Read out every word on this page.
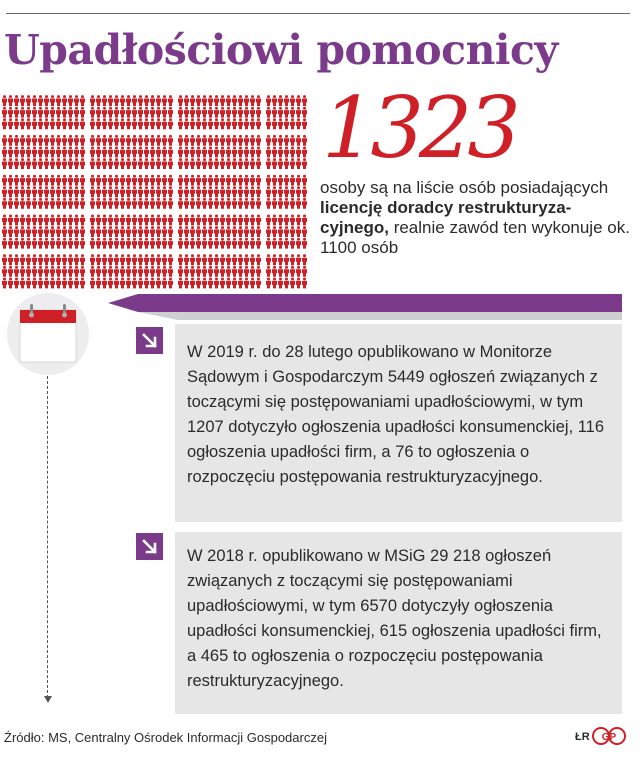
Upadłościowi pomocnicy
1323

osoby są na liście osób posiadających licencję doradcy restrukturyzacyjnego, realnie zawód ten wykonuje ok. 1100 osób

W 2019 r. do 28 lutego opublikowano w Monitorze Sądowym i Gospodarczym 5449 ogłoszeń związanych z toczącymi się postępowaniami upadłościowymi, w tym 1207 dotyczyło ogłoszenia upadłości konsumenckiej, 116 ogłoszenia upadłości firm, a 76 to ogłoszenia o rozpoczęciu postępowania restrukturyzacyjnego.

W 2018 r. opublikowano w MSiG 29 218 ogłoszeń związanych z toczącymi się postępowaniami upadłościowymi, w tym 6570 dotyczyły ogłoszenia upadłości konsumenckiej, 615 ogłoszenia upadłości firm, a 465 to ogłoszenia o rozpoczęciu postępowania restrukturyzacyjnego.

Źródło: MS, Centralny Ośrodek Informacji Gospodarczej	ŁR GP
